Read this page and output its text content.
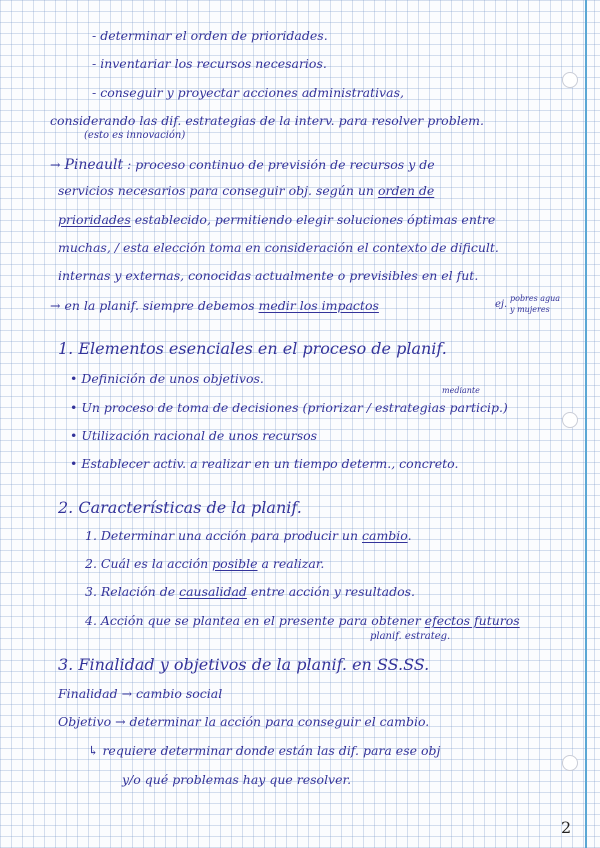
- determinar el orden de prioridades.
- inventariar los recursos necesarios.
- conseguir y proyectar acciones administrativas,
considerando las dif. estrategias de la interv. para resolver problem.
(esto es innovación)
→ Pineault : proceso continuo de previsión de recursos y de
servicios necesarios para conseguir obj. según un orden de
prioridades establecido, permitiendo elegir soluciones óptimas entre
muchas, / esta elección toma en consideración el contexto de dificult.
internas y externas, conocidas actualmente o previsibles en el fut.
→ en la planif. siempre debemos medir los impactos	ej.
pobres agua
y mujeres
1. Elementos esenciales en el proceso de planif.
• Definición de unos objetivos.
mediante
• Un proceso de toma de decisiones (priorizar / estrategias particip.)
• Utilización racional de unos recursos
• Establecer activ. a realizar en un tiempo determ., concreto.
2. Características de la planif.
1. Determinar una acción para producir un cambio.
2. Cuál es la acción posible a realizar.
3. Relación de causalidad entre acción y resultados.
4. Acción que se plantea en el presente para obtener efectos futuros
planif. estrateg.
3. Finalidad y objetivos de la planif. en SS.SS.
Finalidad → cambio social
Objetivo → determinar la acción para conseguir el cambio.
↳ requiere determinar donde están las dif. para ese obj
y/o qué problemas hay que resolver.
2
